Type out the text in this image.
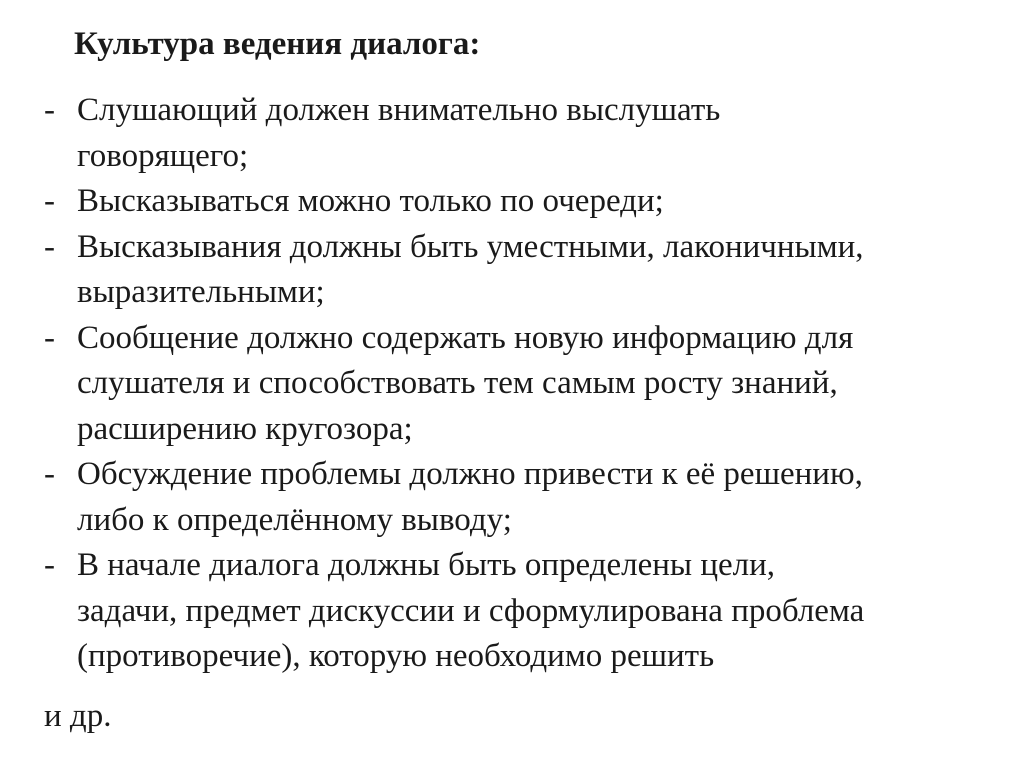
Культура ведения диалога:
- Слушающий должен внимательно выслушать
говорящего;
- Высказываться можно только по очереди;
- Высказывания должны быть уместными, лаконичными,
выразительными;
- Сообщение должно содержать новую информацию для
слушателя и способствовать тем самым росту знаний,
расширению кругозора;
- Обсуждение проблемы должно привести к её решению,
либо к определённому выводу;
- В начале диалога должны быть определены цели,
задачи, предмет дискуссии и сформулирована проблема
(противоречие), которую необходимо решить
и др.
